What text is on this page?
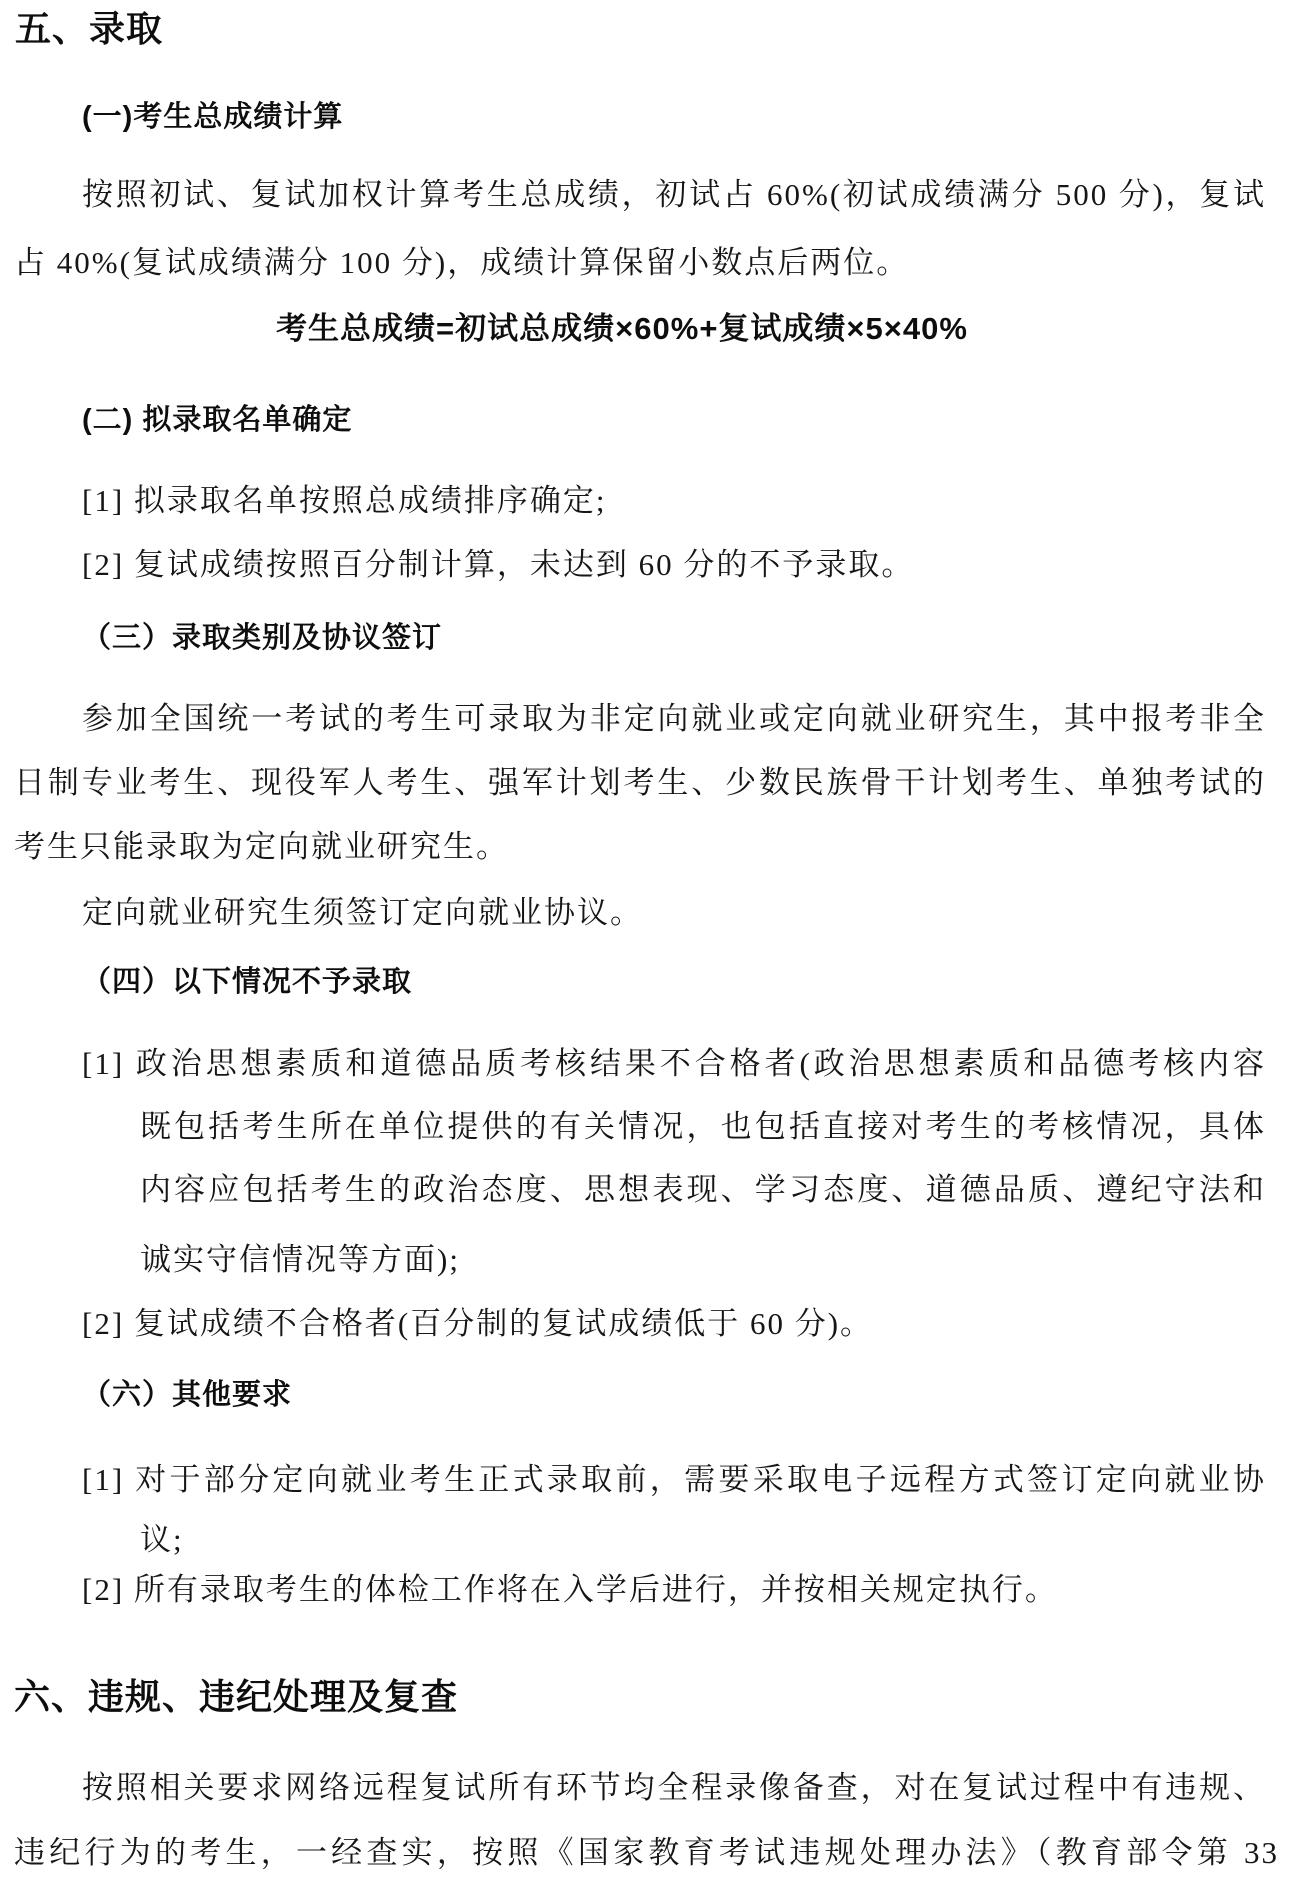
五、录取
(一)考生总成绩计算
按照初试、复试加权计算考生总成绩，初试占 60%(初试成绩满分 500 分)，复试
占 40%(复试成绩满分 100 分)，成绩计算保留小数点后两位。
考生总成绩=初试总成绩×60%+复试成绩×5×40%
(二) 拟录取名单确定
[1] 拟录取名单按照总成绩排序确定;
[2] 复试成绩按照百分制计算，未达到 60 分的不予录取。
（三）录取类别及协议签订
参加全国统一考试的考生可录取为非定向就业或定向就业研究生，其中报考非全
日制专业考生、现役军人考生、强军计划考生、少数民族骨干计划考生、单独考试的
考生只能录取为定向就业研究生。
定向就业研究生须签订定向就业协议。
（四）以下情况不予录取
[1] 政治思想素质和道德品质考核结果不合格者(政治思想素质和品德考核内容
既包括考生所在单位提供的有关情况，也包括直接对考生的考核情况，具体
内容应包括考生的政治态度、思想表现、学习态度、道德品质、遵纪守法和
诚实守信情况等方面);
[2] 复试成绩不合格者(百分制的复试成绩低于 60 分)。
（六）其他要求
[1] 对于部分定向就业考生正式录取前，需要采取电子远程方式签订定向就业协
议;
[2] 所有录取考生的体检工作将在入学后进行，并按相关规定执行。
六、违规、违纪处理及复查
按照相关要求网络远程复试所有环节均全程录像备查，对在复试过程中有违规、
违纪行为的考生，一经查实，按照《国家教育考试违规处理办法》（教育部令第 33
